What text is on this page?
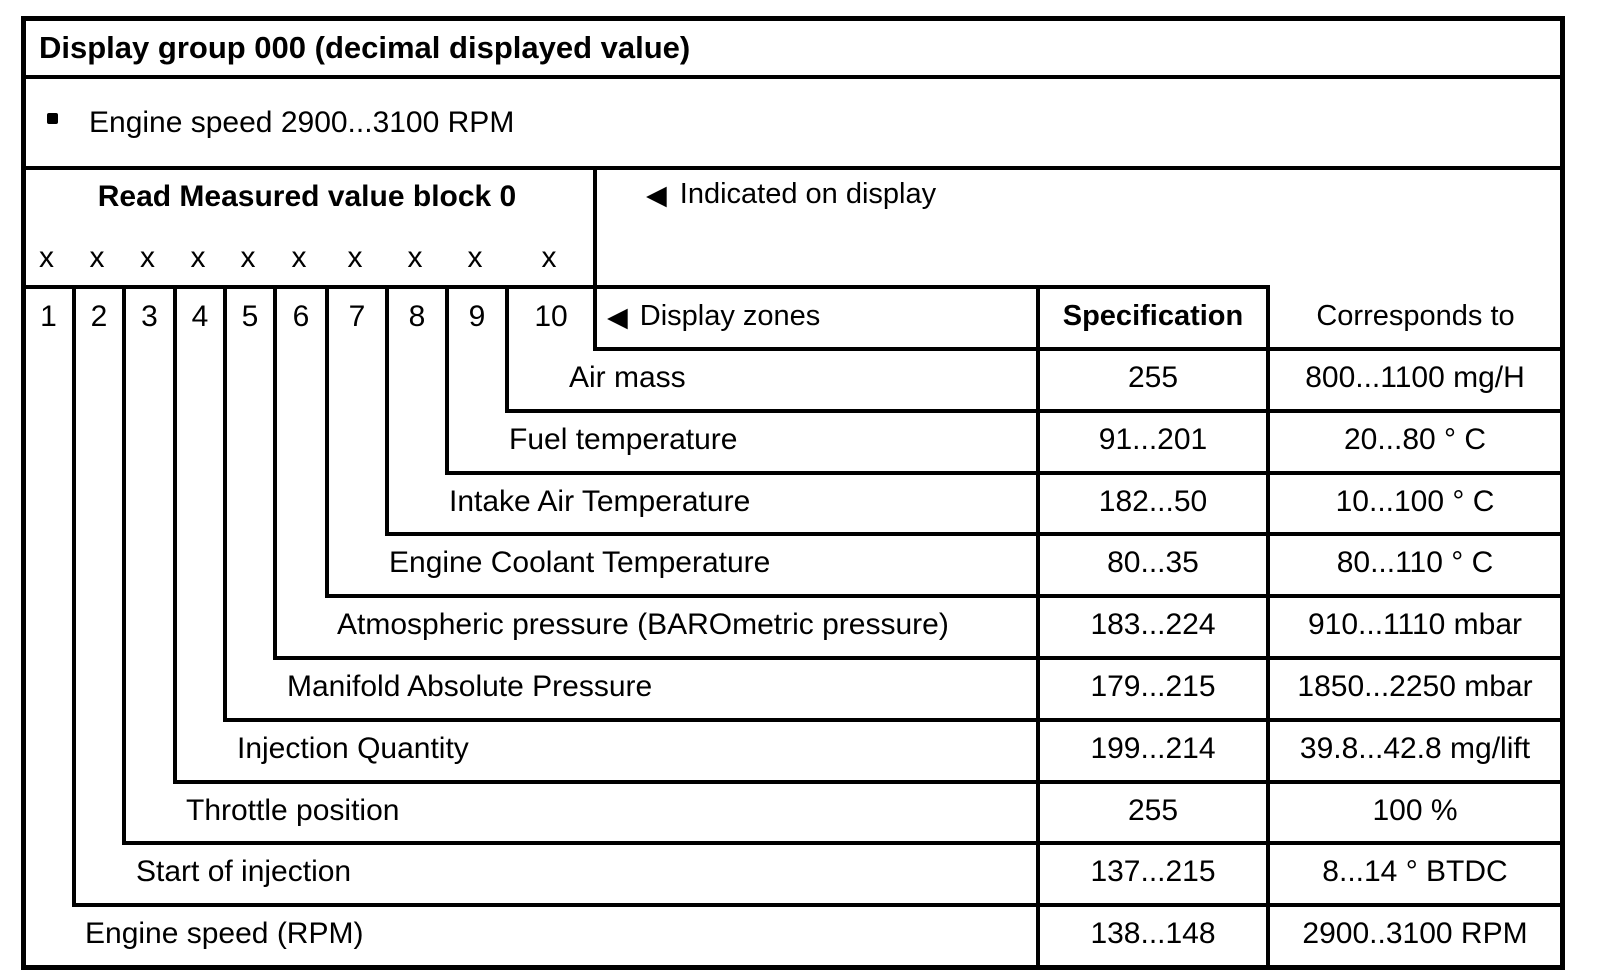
Display group 000 (decimal displayed value)
Engine speed 2900...3100 RPM
Read Measured value block 0
x	x	x	x	x	x	x	x	x	x
◀ Indicated on display
◀ Display zones	Specification	Corresponds to
1	2	3	4	5	6	7	8	9	10
Air mass	255	800...1100 mg/H
Fuel temperature	91...201	20...80 ° C
Intake Air Temperature	182...50	10...100 ° C
Engine Coolant Temperature	80...35	80...110 ° C
Atmospheric pressure (BAROmetric pressure)	183...224	910...1110 mbar
Manifold Absolute Pressure	179...215	1850...2250 mbar
Injection Quantity	199...214	39.8...42.8 mg/lift
Throttle position	255	100 %
Start of injection	137...215	8...14 ° BTDC
Engine speed (RPM)	138...148	2900..3100 RPM
